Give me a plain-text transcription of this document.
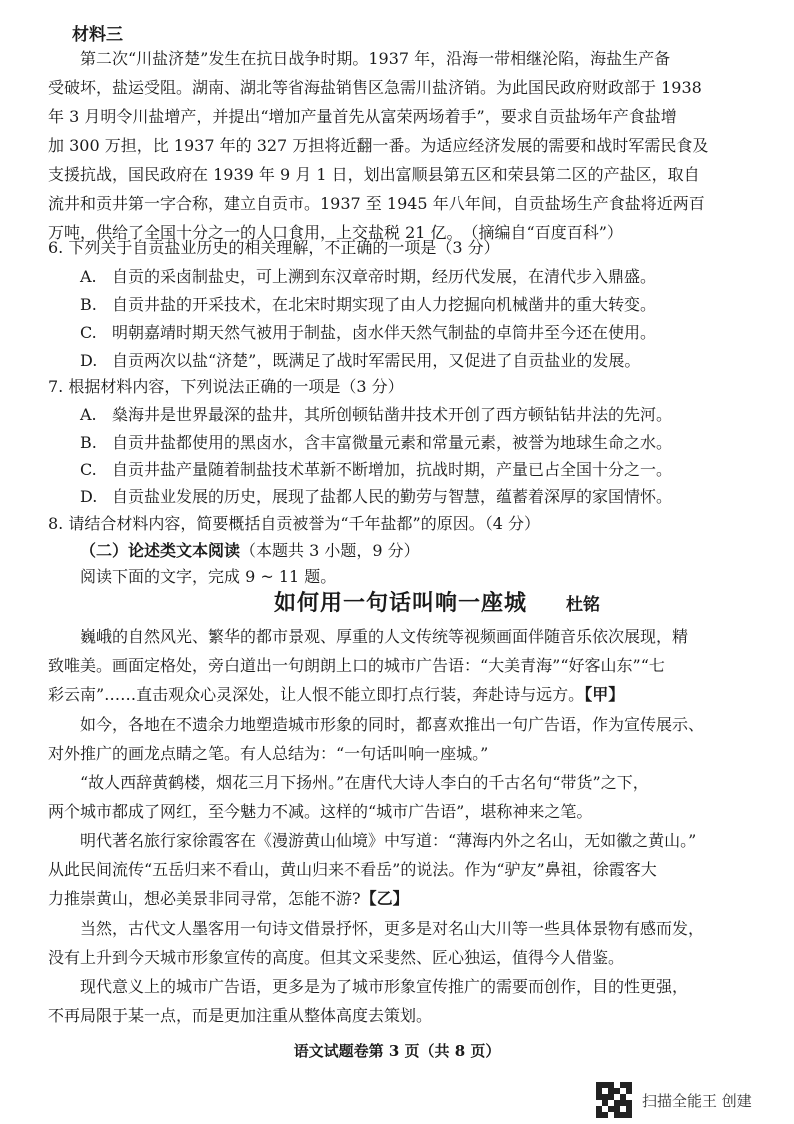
材料三
第二次“川盐济楚”发生在抗日战争时期。1937 年，沿海一带相继沦陷，海盐生产备
受破坏，盐运受阻。湖南、湖北等省海盐销售区急需川盐济销。为此国民政府财政部于 1938
年 3 月明令川盐增产，并提出“增加产量首先从富荣两场着手”，要求自贡盐场年产食盐增
加 300 万担，比 1937 年的 327 万担将近翻一番。为适应经济发展的需要和战时军需民食及
支援抗战，国民政府在 1939 年 9 月 1 日，划出富顺县第五区和荣县第二区的产盐区，取自
流井和贡井第一字合称，建立自贡市。1937 至 1945 年八年间，自贡盐场生产食盐将近两百
万吨，供给了全国十分之一的人口食用，上交盐税 21 亿。　（摘编自“百度百科”）
6. 下列关于自贡盐业历史的相关理解，不正确的一项是（3 分）
A. 自贡的采卤制盐史，可上溯到东汉章帝时期，经历代发展，在清代步入鼎盛。
B. 自贡井盐的开采技术，在北宋时期实现了由人力挖掘向机械凿井的重大转变。
C. 明朝嘉靖时期天然气被用于制盐，卤水伴天然气制盐的卓筒井至今还在使用。
D. 自贡两次以盐“济楚”，既满足了战时军需民用，又促进了自贡盐业的发展。
7. 根据材料内容，下列说法正确的一项是（3 分）
A. 燊海井是世界最深的盐井，其所创顿钻凿井技术开创了西方顿钻钻井法的先河。
B. 自贡井盐都使用的黑卤水，含丰富微量元素和常量元素，被誉为地球生命之水。
C. 自贡井盐产量随着制盐技术革新不断增加，抗战时期，产量已占全国十分之一。
D. 自贡盐业发展的历史，展现了盐都人民的勤劳与智慧，蕴蓄着深厚的家国情怀。
8. 请结合材料内容，简要概括自贡被誉为“千年盐都”的原因。（4 分）
（二）论述类文本阅读（本题共 3 小题，9 分）
阅读下面的文字，完成 9 ~ 11 题。
如何用一句话叫响一座城 杜铭
巍峨的自然风光、繁华的都市景观、厚重的人文传统等视频画面伴随音乐依次展现，精
致唯美。画面定格处，旁白道出一句朗朗上口的城市广告语：“大美青海”“好客山东”“七
彩云南”……直击观众心灵深处，让人恨不能立即打点行装，奔赴诗与远方。【甲】
如今，各地在不遗余力地塑造城市形象的同时，都喜欢推出一句广告语，作为宣传展示、
对外推广的画龙点睛之笔。有人总结为：“一句话叫响一座城。”
“故人西辞黄鹤楼，烟花三月下扬州。”在唐代大诗人李白的千古名句“带货”之下，
两个城市都成了网红，至今魅力不减。这样的“城市广告语”，堪称神来之笔。
明代著名旅行家徐霞客在《漫游黄山仙境》中写道：“薄海内外之名山，无如徽之黄山。”
从此民间流传“五岳归来不看山，黄山归来不看岳”的说法。作为“驴友”鼻祖，徐霞客大
力推崇黄山，想必美景非同寻常，怎能不游?【乙】
当然，古代文人墨客用一句诗文借景抒怀，更多是对名山大川等一些具体景物有感而发，
没有上升到今天城市形象宣传的高度。但其文采斐然、匠心独运，值得今人借鉴。
现代意义上的城市广告语，更多是为了城市形象宣传推广的需要而创作，目的性更强，
不再局限于某一点，而是更加注重从整体高度去策划。
语文试题卷第 3 页（共 8 页）
扫描全能王 创建
